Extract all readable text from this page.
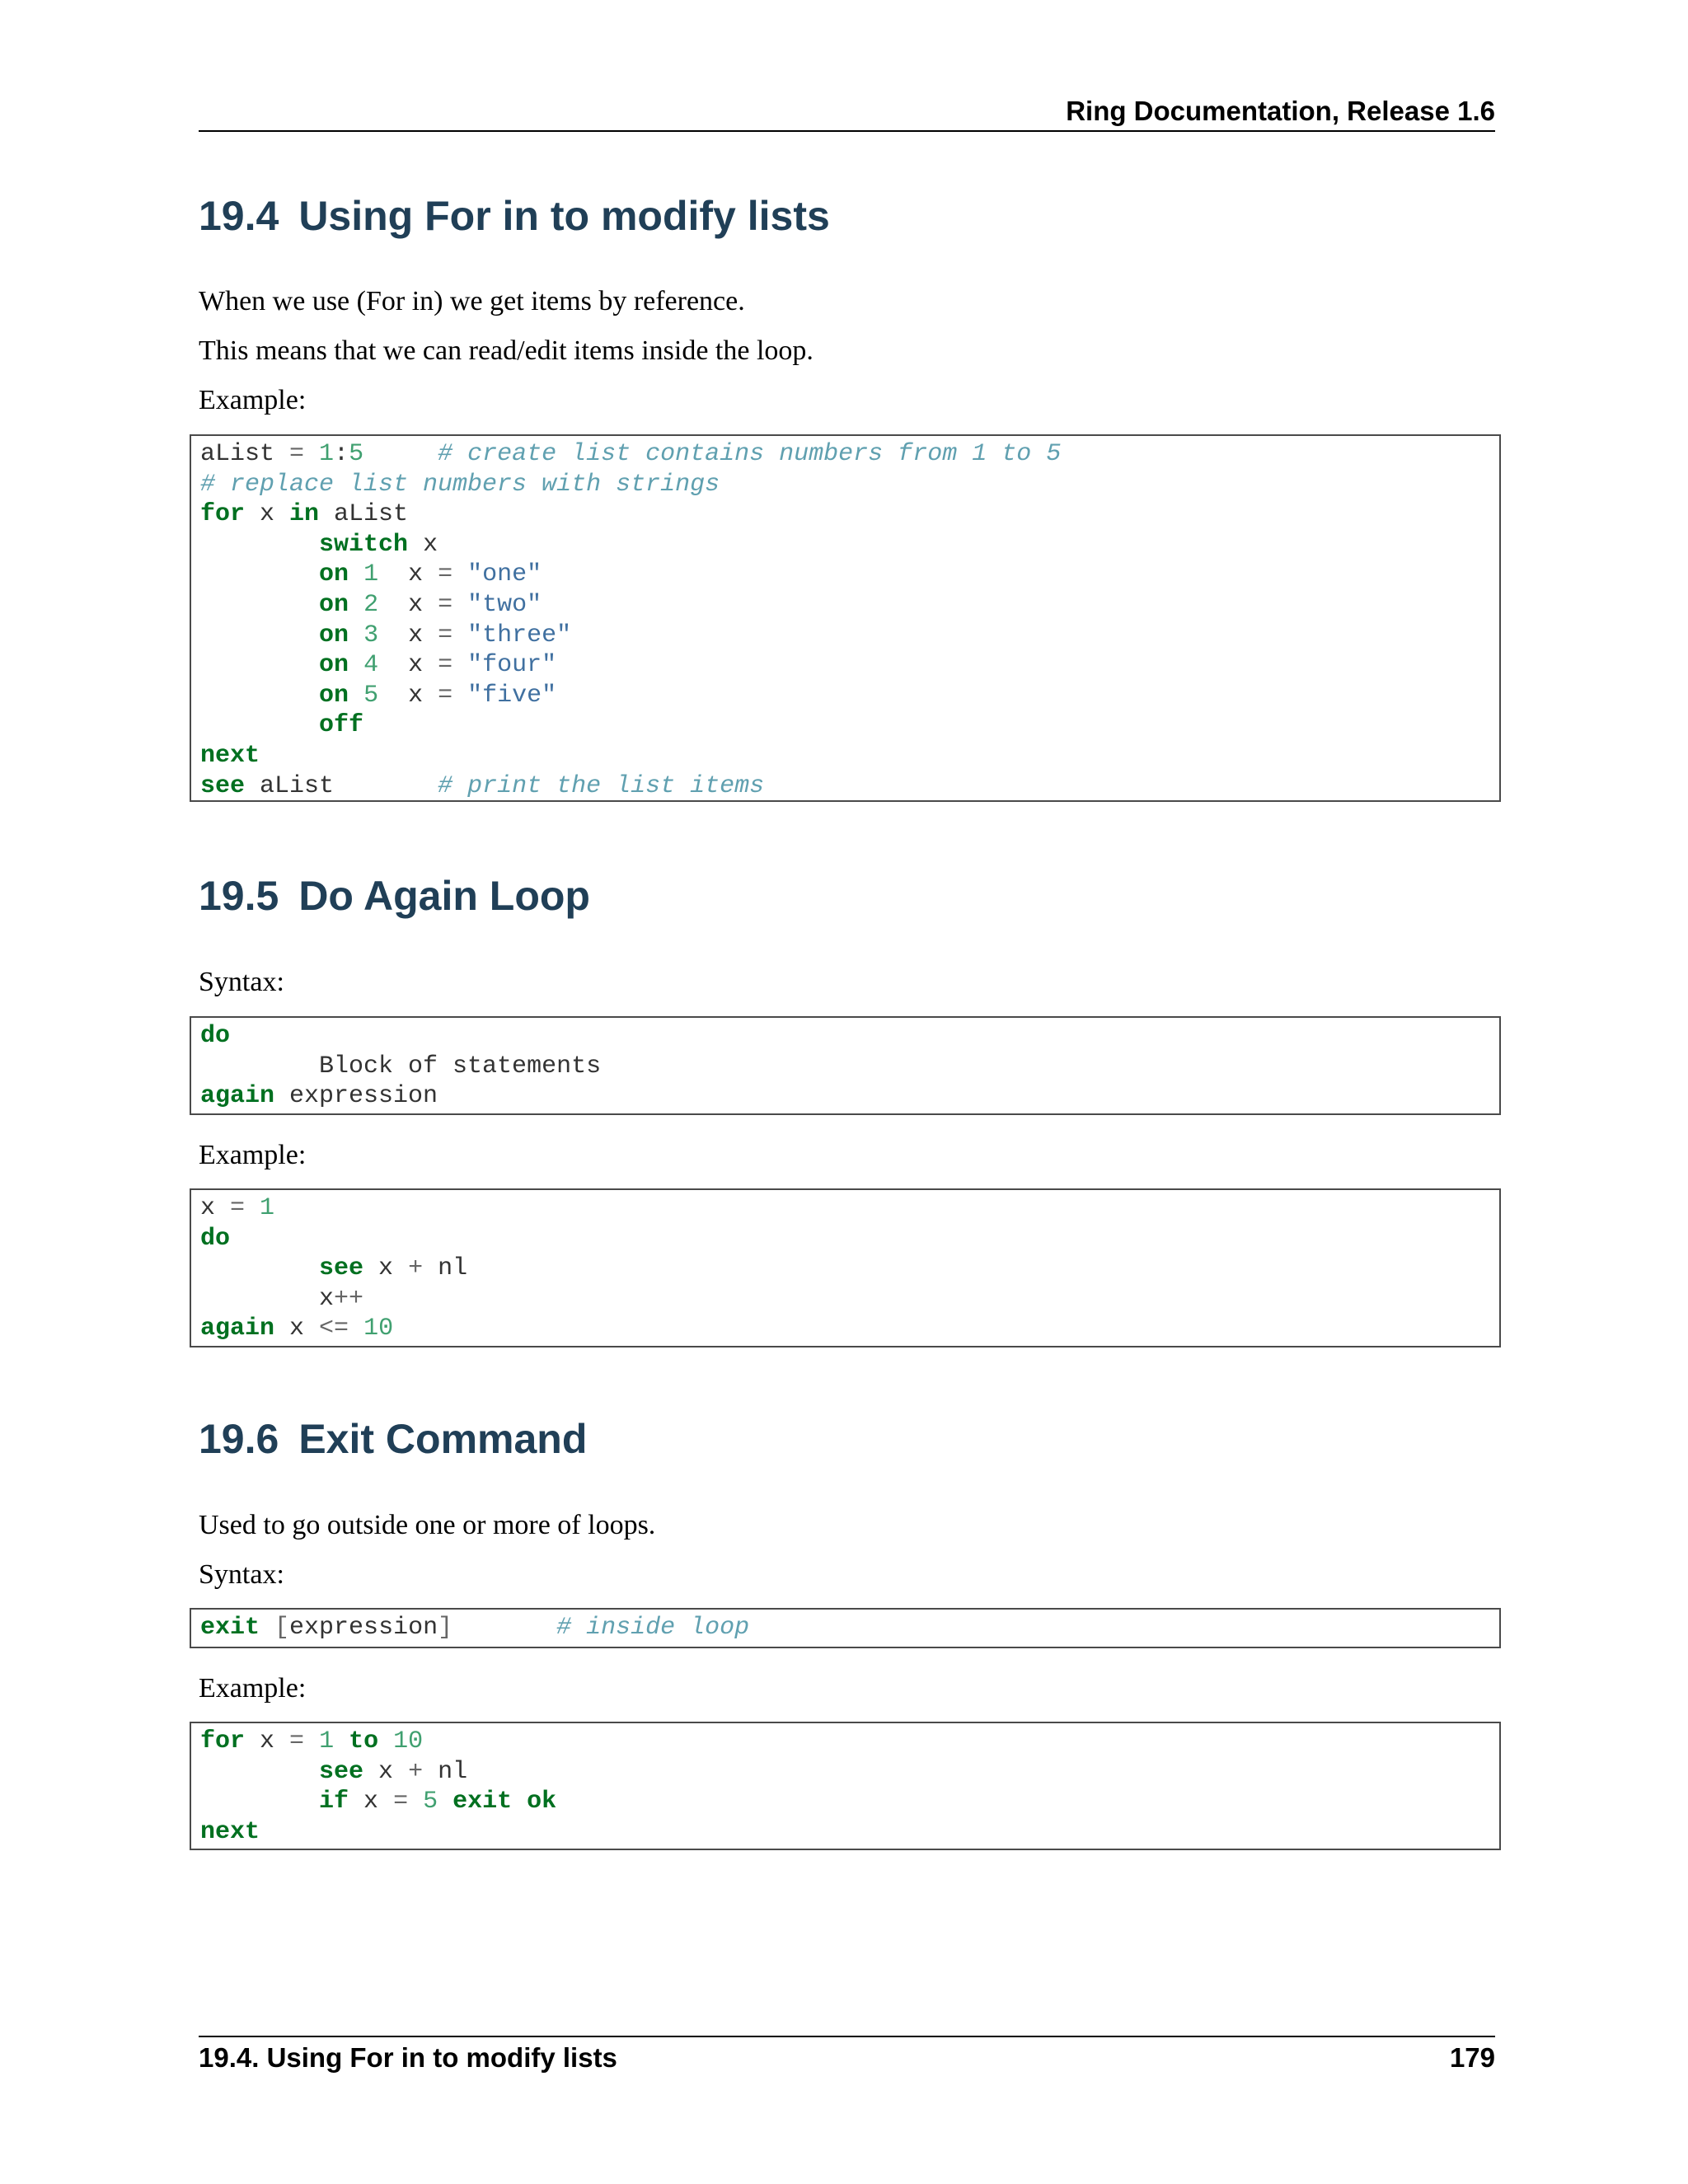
Ring Documentation, Release 1.6
19.4 Using For in to modify lists

When we use (For in) we get items by reference.

This means that we can read/edit items inside the loop.

Example:

aList = 1:5	# create list contains numbers from 1 to 5
# replace list numbers with strings
for x in aList
switch x
on 1  x = "one"
on 2  x = "two"
on 3  x = "three"
on 4  x = "four"
on 5  x = "five"
off
next
see aList       # print the list items
19.5 Do Again Loop

Syntax:

do
Block of statements
again expression

Example:

x = 1
do
see x + nl
x++
again x <= 10
19.6 Exit Command

Used to go outside one or more of loops.

Syntax:

exit [expression]	# inside loop

Example:

for x = 1 to 10
see x + nl
if x = 5 exit ok
next
19.4. Using For in to modify lists	179
